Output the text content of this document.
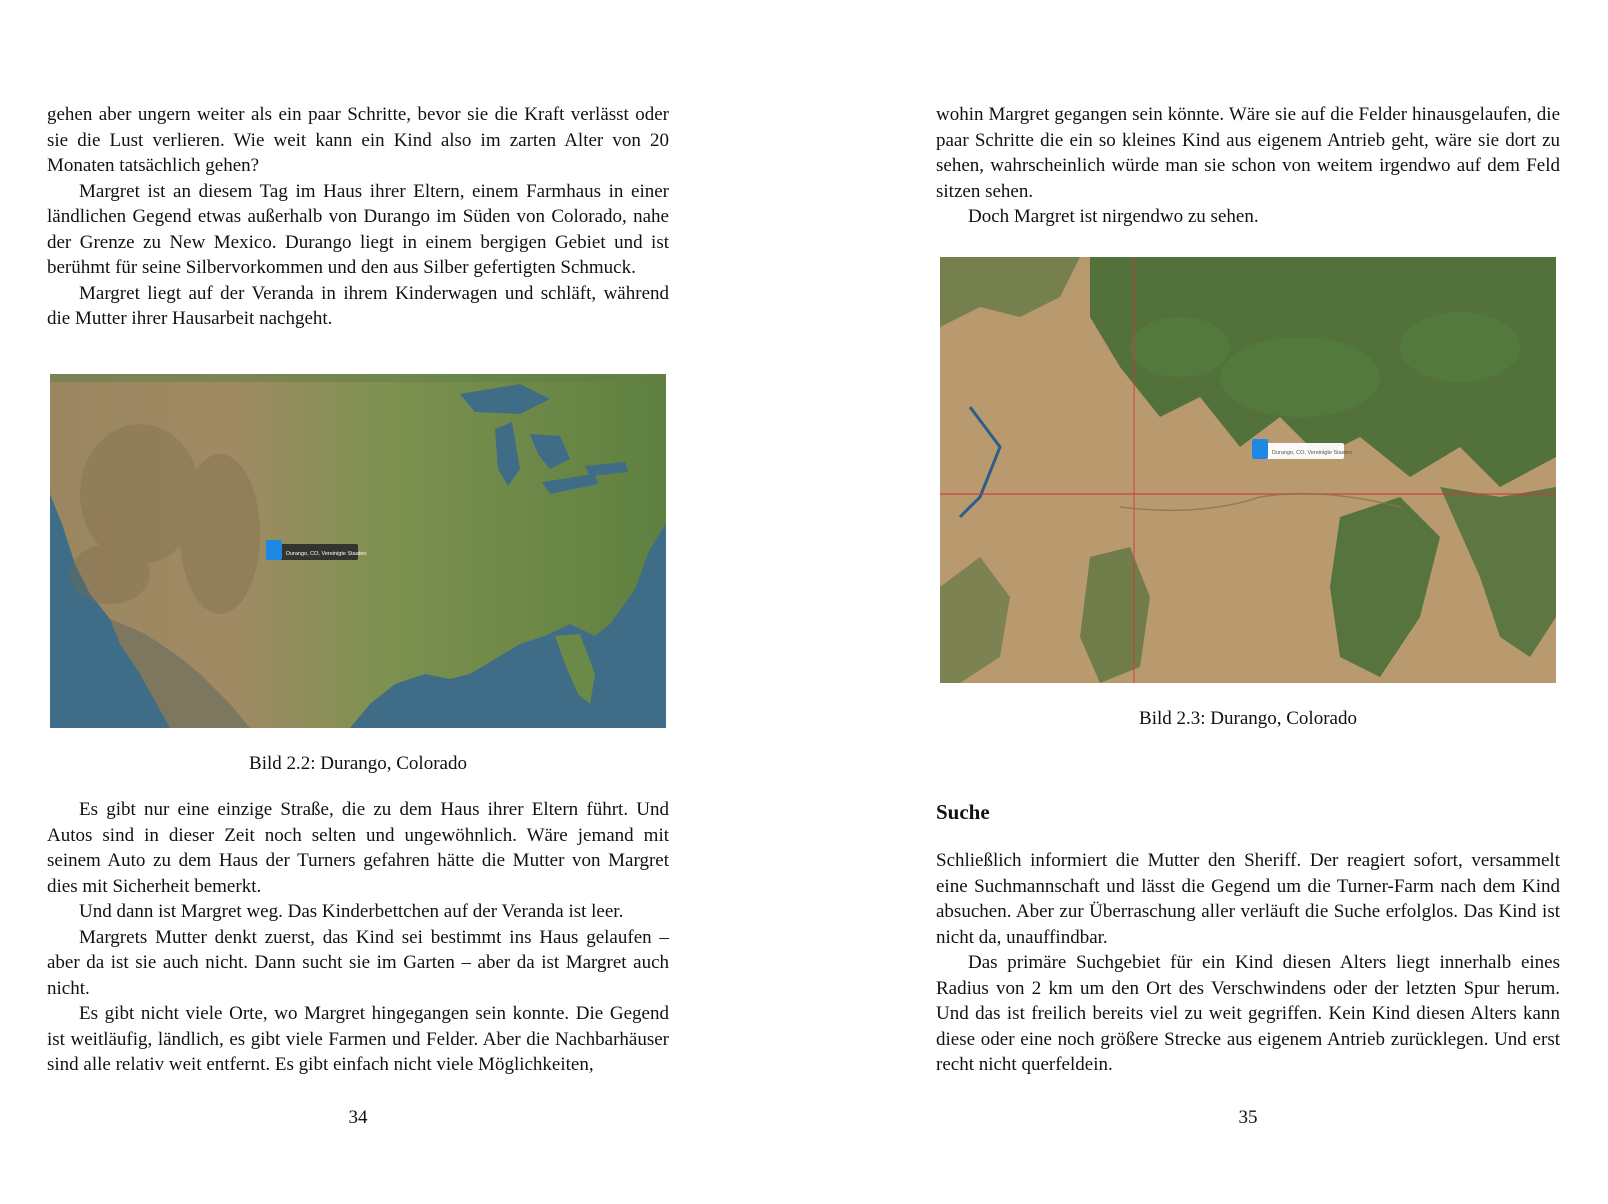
gehen aber ungern weiter als ein paar Schritte, bevor sie die Kraft verlässt oder sie die Lust verlieren. Wie weit kann ein Kind also im zarten Alter von 20 Monaten tatsächlich gehen?

Margret ist an diesem Tag im Haus ihrer Eltern, einem Farmhaus in einer ländlichen Gegend etwas außerhalb von Durango im Süden von Colorado, nahe der Grenze zu New Mexico. Durango liegt in einem bergigen Gebiet und ist berühmt für seine Silbervorkommen und den aus Silber gefertigten Schmuck.

Margret liegt auf der Veranda in ihrem Kinderwagen und schläft, während die Mutter ihrer Hausarbeit nachgeht.

Durango, CO, Vereinigte Staaten
Bild 2.2: Durango, Colorado

Es gibt nur eine einzige Straße, die zu dem Haus ihrer Eltern führt. Und Autos sind in dieser Zeit noch selten und ungewöhnlich. Wäre jemand mit seinem Auto zu dem Haus der Turners gefahren hätte die Mutter von Margret dies mit Sicherheit bemerkt.

Und dann ist Margret weg. Das Kinderbettchen auf der Veranda ist leer.

Margrets Mutter denkt zuerst, das Kind sei bestimmt ins Haus gelaufen – aber da ist sie auch nicht. Dann sucht sie im Garten – aber da ist Margret auch nicht.

Es gibt nicht viele Orte, wo Margret hingegangen sein konnte. Die Gegend ist weitläufig, ländlich, es gibt viele Farmen und Felder. Aber die Nachbarhäuser sind alle relativ weit entfernt. Es gibt einfach nicht viele Möglichkeiten,

34

wohin Margret gegangen sein könnte. Wäre sie auf die Felder hinausgelaufen, die paar Schritte die ein so kleines Kind aus eigenem Antrieb geht, wäre sie dort zu sehen, wahrscheinlich würde man sie schon von weitem irgendwo auf dem Feld sitzen sehen.

Doch Margret ist nirgendwo zu sehen.

Durango, CO, Vereinigte Staaten
Bild 2.3: Durango, Colorado
Suche

Schließlich informiert die Mutter den Sheriff. Der reagiert sofort, versammelt eine Suchmannschaft und lässt die Gegend um die Turner-Farm nach dem Kind absuchen. Aber zur Überraschung aller verläuft die Suche erfolglos. Das Kind ist nicht da, unauffindbar.

Das primäre Suchgebiet für ein Kind diesen Alters liegt innerhalb eines Radius von 2 km um den Ort des Verschwindens oder der letzten Spur herum. Und das ist freilich bereits viel zu weit gegriffen. Kein Kind diesen Alters kann diese oder eine noch größere Strecke aus eigenem Antrieb zurücklegen. Und erst recht nicht querfeldein.

35
